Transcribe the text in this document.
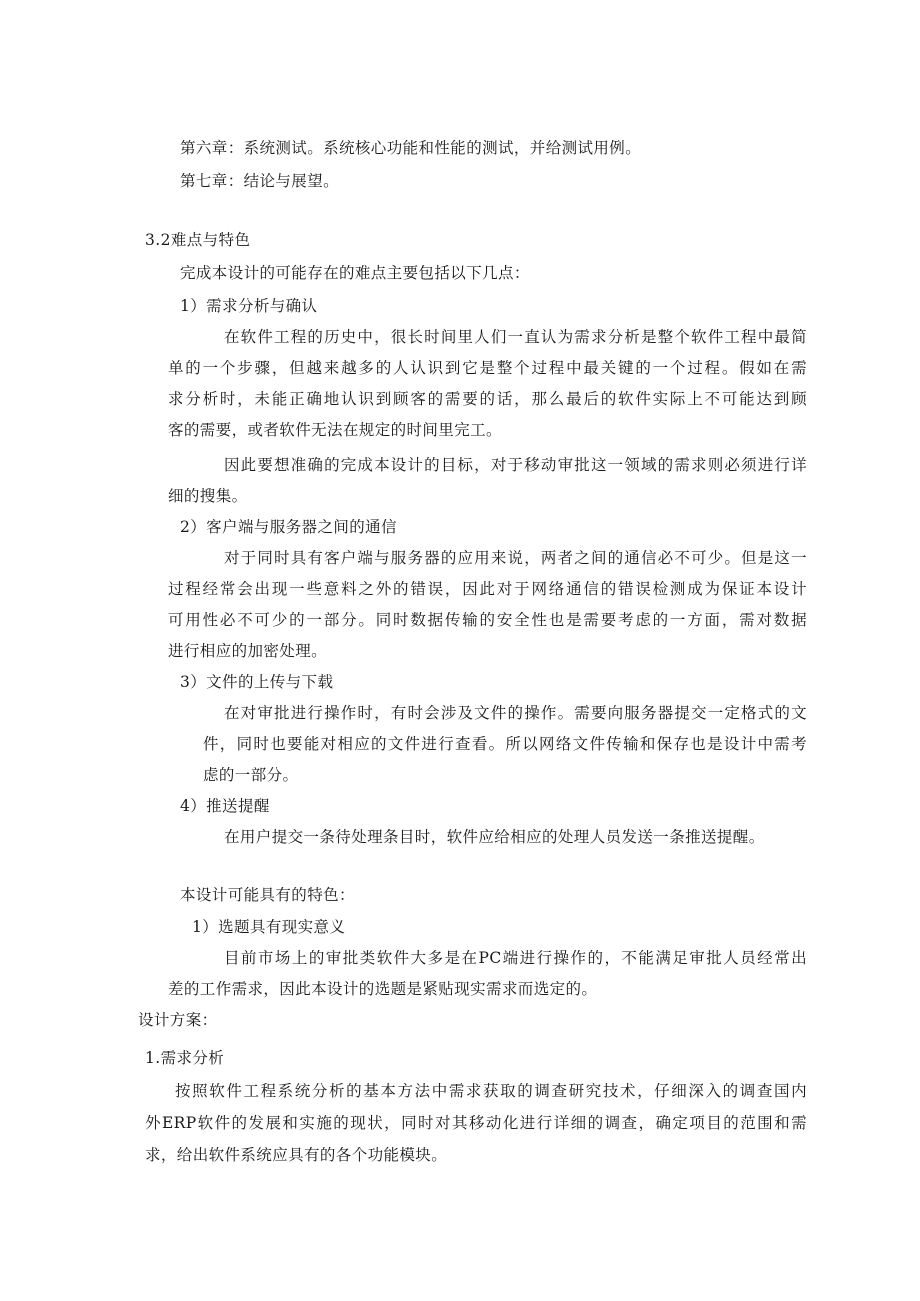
第六章：系统测试。系统核心功能和性能的测试，并给测试用例。
第七章：结论与展望。
3.2难点与特色
完成本设计的可能存在的难点主要包括以下几点：
1）需求分析与确认
在软件工程的历史中，很长时间里人们一直认为需求分析是整个软件工程中最简
单的一个步骤，但越来越多的人认识到它是整个过程中最关键的一个过程。假如在需
求分析时，未能正确地认识到顾客的需要的话，那么最后的软件实际上不可能达到顾
客的需要，或者软件无法在规定的时间里完工。
因此要想准确的完成本设计的目标，对于移动审批这一领域的需求则必须进行详
细的搜集。
2）客户端与服务器之间的通信
对于同时具有客户端与服务器的应用来说，两者之间的通信必不可少。但是这一
过程经常会出现一些意料之外的错误，因此对于网络通信的错误检测成为保证本设计
可用性必不可少的一部分。同时数据传输的安全性也是需要考虑的一方面，需对数据
进行相应的加密处理。
3）文件的上传与下载
在对审批进行操作时，有时会涉及文件的操作。需要向服务器提交一定格式的文
件，同时也要能对相应的文件进行查看。所以网络文件传输和保存也是设计中需考
虑的一部分。
4）推送提醒
在用户提交一条待处理条目时，软件应给相应的处理人员发送一条推送提醒。
本设计可能具有的特色：
1）选题具有现实意义
目前市场上的审批类软件大多是在PC端进行操作的，不能满足审批人员经常出
差的工作需求，因此本设计的选题是紧贴现实需求而选定的。
设计方案：
1.需求分析
按照软件工程系统分析的基本方法中需求获取的调查研究技术，仔细深入的调查国内
外ERP软件的发展和实施的现状，同时对其移动化进行详细的调查，确定项目的范围和需
求，给出软件系统应具有的各个功能模块。
